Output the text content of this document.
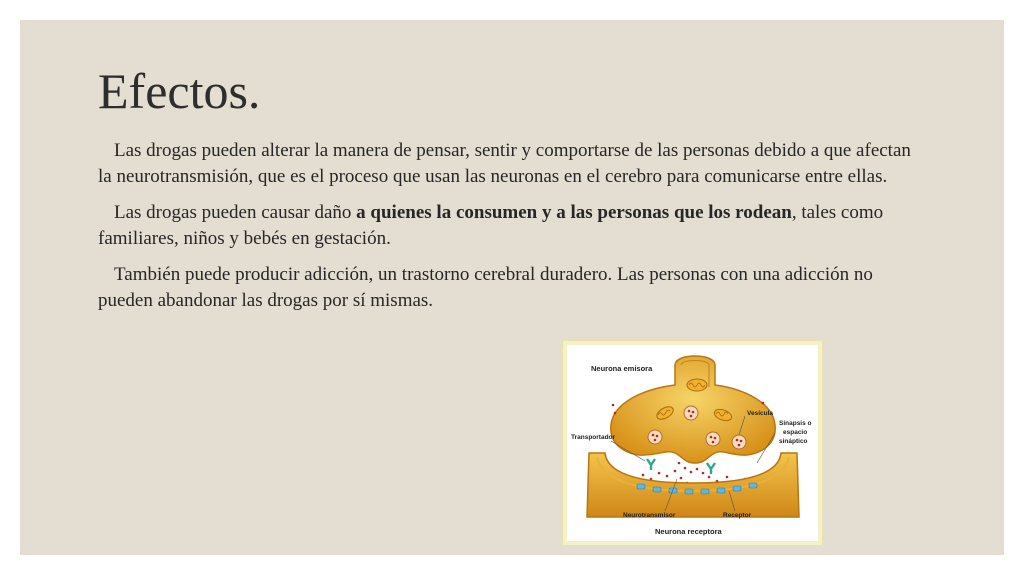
Efectos.

Las drogas pueden alterar la manera de pensar, sentir y comportarse de las personas debido a que afectan la neurotransmisión, que es el proceso que usan las neuronas en el cerebro para comunicarse entre ellas.

Las drogas pueden causar daño a quienes la consumen y a las personas que los rodean, tales como familiares, niños y bebés en gestación.

También puede producir adicción, un trastorno cerebral duradero. Las personas con una adicción no pueden abandonar las drogas por sí mismas.

Neurona emisora
Vesícula
Sinapsis o
espacio
sináptico
Transportador
Neurotransmisor	Receptor
Neurona receptora
